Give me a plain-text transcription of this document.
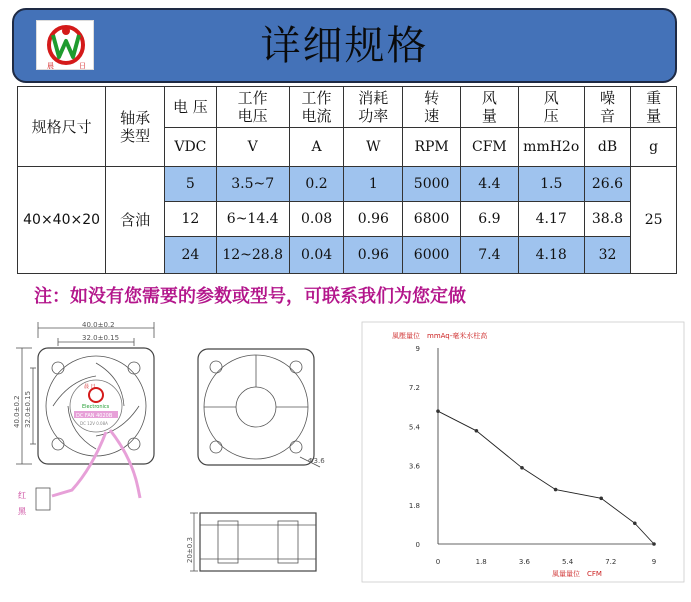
晨	日	详细规格
规格尺寸	轴承类型	电 压	工作电压	工作电流	消耗功率	转速	风量	风压	噪音	重量
		VDC	V	A	W	RPM	CFM	mmH2o	dB	g
40×40×20	含油	5	3.5~7	0.2	1	5000	4.4	1.5	26.6	25
		12	6~14.4	0.08	0.96	6800	6.9	4.17	38.8	
		24	12~28.8	0.04	0.96	6000	7.4	4.18	32	
注：如没有您需要的参数或型号，可联系我们为您定做
40.0±0.2
32.0±0.15
40.0±0.2 32.0±0.15
晨 日
Electronics
DC FAN 4020B
DC 12V 0.08A
红
黑
Φ3.6
20±0.3
風壓量位　mmAq-毫米水柱高
風量量位　CFM
0
1.8
3.6
5.4
7.2
9
0	1.8	3.6	5.4	7.2	9
